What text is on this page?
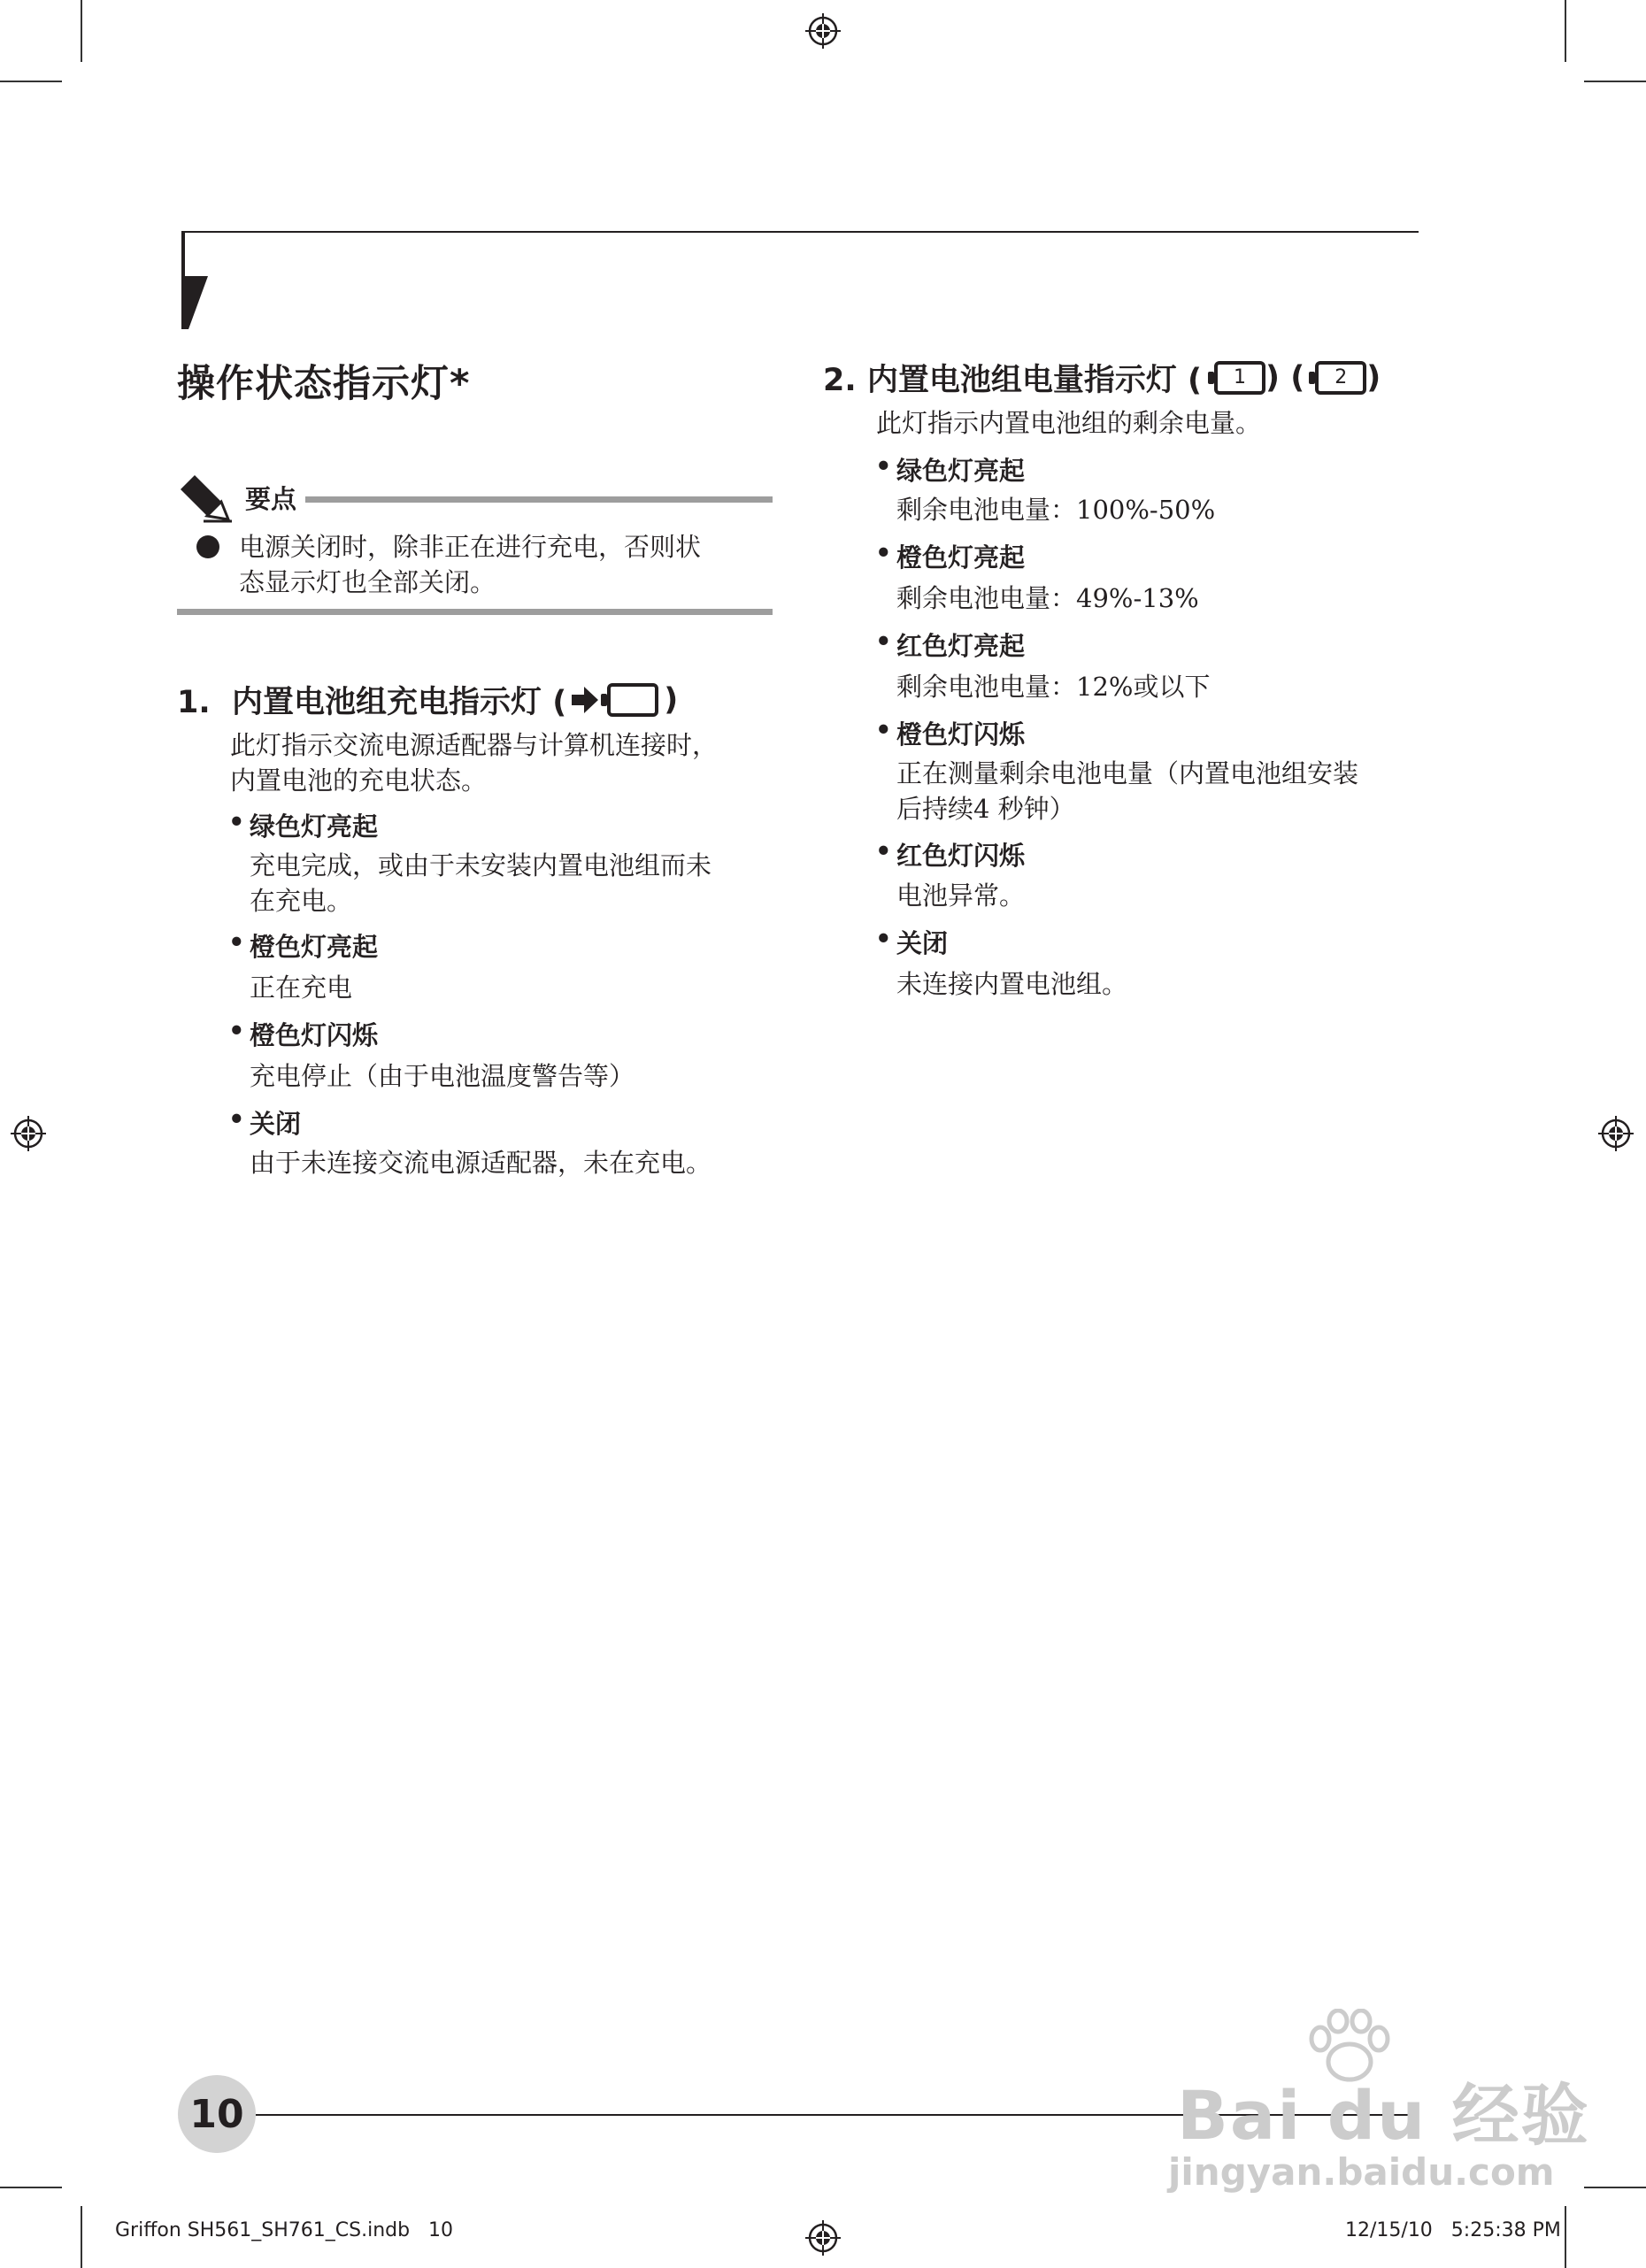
操作状态指示灯*
要点
电源关闭时，除非正在进行充电，否则状
态显示灯也全部关闭。
1.  内置电池组充电指示灯 (	)
此灯指示交流电源适配器与计算机连接时，
内置电池的充电状态。
• 绿色灯亮起
充电完成，或由于未安装内置电池组而未
在充电。
• 橙色灯亮起
正在充电
• 橙色灯闪烁
充电停止（由于电池温度警告等）
• 关闭
由于未连接交流电源适配器，未在充电。
2. 内置电池组电量指示灯 (	1 ) (	2 )
此灯指示内置电池组的剩余电量。
• 绿色灯亮起
剩余电池电量：100%-50%
• 橙色灯亮起
剩余电池电量：49%-13%
• 红色灯亮起
剩余电池电量：12%或以下
• 橙色灯闪烁
正在测量剩余电池电量（内置电池组安装
后持续4 秒钟）
• 红色灯闪烁
电池异常。
• 关闭
未连接内置电池组。
10	Bai du 经验
jingyan.baidu.com
Griffon SH561_SH761_CS.indb   10	12/15/10   5:25:38 PM
